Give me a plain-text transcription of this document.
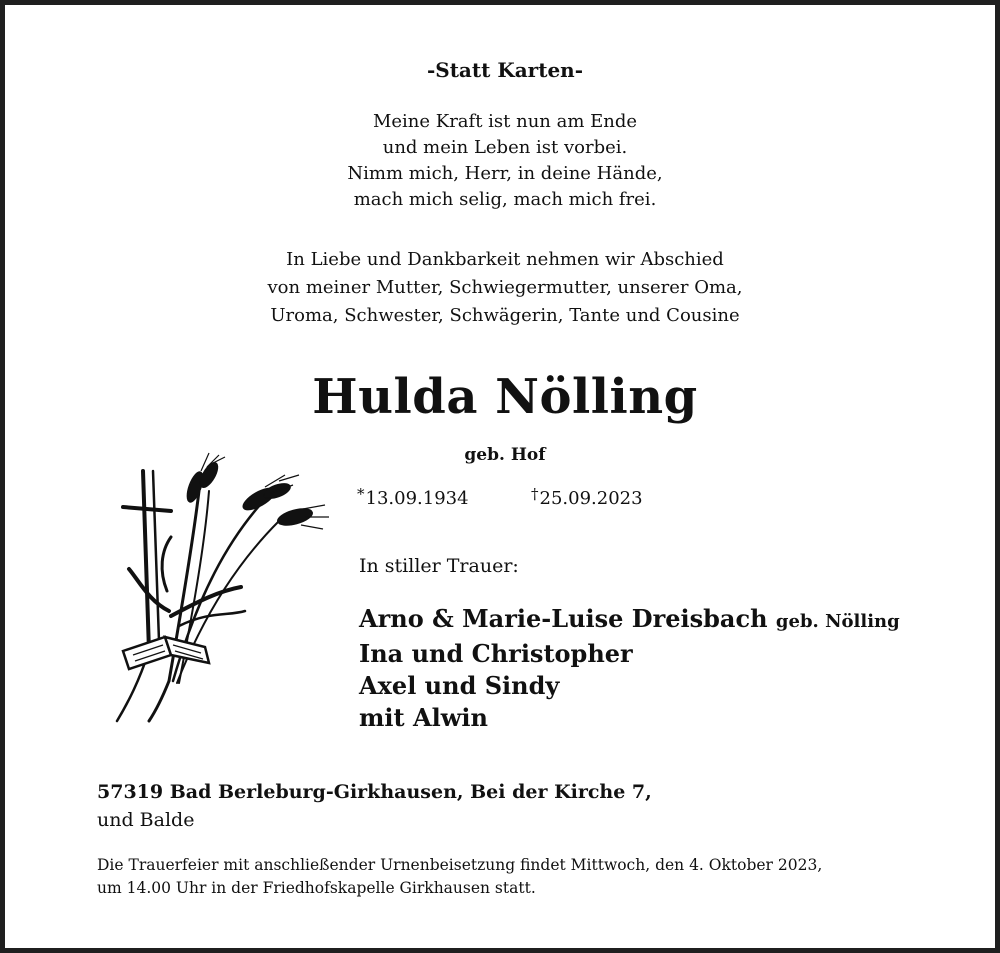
-Statt Karten-
Meine Kraft ist nun am Ende
und mein Leben ist vorbei.
Nimm mich, Herr, in deine Hände,
mach mich selig, mach mich frei.
In Liebe und Dankbarkeit nehmen wir Abschied
von meiner Mutter, Schwiegermutter, unserer Oma,
Uroma, Schwester, Schwägerin, Tante und Cousine
Hulda Nölling
geb. Hof
*13.09.1934	†25.09.2023
In stiller Trauer:
Arno & Marie-Luise Dreisbach geb. Nölling
Ina und Christopher
Axel und Sindy
mit Alwin
57319 Bad Berleburg-Girkhausen, Bei der Kirche 7,
und Balde
Die Trauerfeier mit anschließender Urnenbeisetzung findet Mittwoch, den 4. Oktober 2023,
um 14.00 Uhr in der Friedhofskapelle Girkhausen statt.
